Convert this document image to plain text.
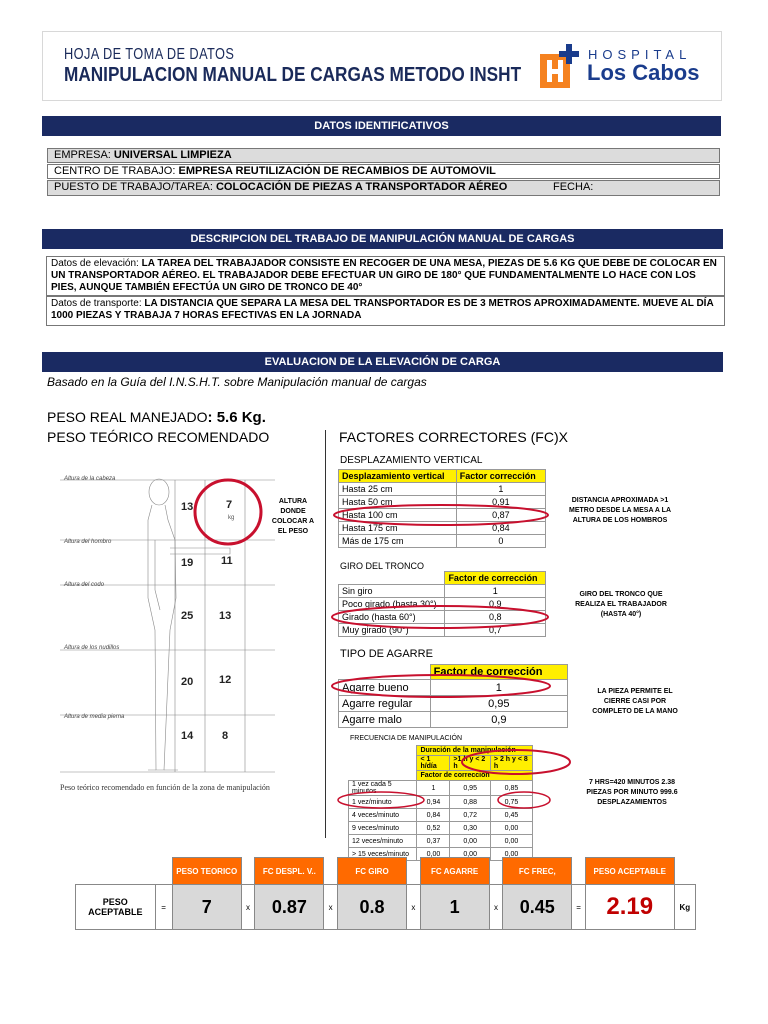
HOJA DE TOMA DE DATOS
MANIPULACION MANUAL DE CARGAS METODO INSHT
HOSPITAL
Los Cabos
DATOS IDENTIFICATIVOS
EMPRESA: UNIVERSAL LIMPIEZA
CENTRO DE TRABAJO: EMPRESA REUTILIZACIÓN DE RECAMBIOS DE AUTOMOVIL
PUESTO DE TRABAJO/TAREA: COLOCACIÓN DE PIEZAS A TRANSPORTADOR AÉREO	FECHA:
DESCRIPCION DEL TRABAJO DE MANIPULACIÓN MANUAL DE CARGAS
Datos de elevación: LA TAREA DEL TRABAJADOR CONSISTE EN RECOGER DE UNA MESA, PIEZAS DE 5.6 KG QUE DEBE DE COLOCAR EN UN TRANSPORTADOR AÉREO. EL TRABAJADOR DEBE EFECTUAR UN GIRO DE 180° QUE FUNDAMENTALMENTE LO HACE CON LOS PIES, AUNQUE TAMBIÉN EFECTÚA UN GIRO DE TRONCO DE 40°
Datos de transporte: LA DISTANCIA QUE SEPARA LA MESA DEL TRANSPORTADOR ES DE 3 METROS APROXIMADAMENTE. MUEVE AL DÍA 1000 PIEZAS Y TRABAJA 7 HORAS EFECTIVAS EN LA JORNADA
EVALUACION DE LA ELEVACIÓN DE CARGA
Basado en la Guía del I.N.S.H.T. sobre Manipulación manual de cargas
PESO REAL MANEJADO: 5.6 Kg.
PESO TEÓRICO RECOMENDADO	FACTORES CORRECTORES (FC)X
Altura de la cabeza
Altura del hombro
Altura del codo
Altura de los nudillos
Altura de media pierna
13	7
kg
19	11
25 13
20 12
14	8
Peso teórico recomendado en función de la zona de manipulación
ALTURA DONDE COLOCAR A EL PESO
DESPLAZAMIENTO VERTICAL
Desplazamiento vertical	Factor corrección
Hasta 25 cm	1
Hasta 50 cm	0,91
Hasta 100 cm	0,87
Hasta 175 cm	0,84
Más de 175 cm	0
DISTANCIA APROXIMADA >1 METRO DESDE LA MESA A LA ALTURA DE LOS HOMBROS
GIRO DEL TRONCO
	Factor de corrección
Sin giro	1
Poco girado (hasta 30°)	0,9
Girado (hasta 60°)	0,8
Muy girado (90°)	0,7
GIRO DEL TRONCO QUE REALIZA EL TRABAJADOR (HASTA 40°)
TIPO DE AGARRE
	Factor de corrección
Agarre bueno	1
Agarre regular	0,95
Agarre malo	0,9
LA PIEZA PERMITE EL CIERRE CASI POR COMPLETO DE LA MANO
FRECUENCIA DE MANIPULACIÓN
	Duración de la manipulación		
	< 1 h/día	>1 h y < 2 h	> 2 h y < 8 h
	Factor de corrección		
1 vez cada 5 minutos	1	0,95	0,85
1 vez/minuto	0,94	0,88	0,75
4 veces/minuto	0,84	0,72	0,45
9 veces/minuto	0,52	0,30	0,00
12 veces/minuto	0,37	0,00	0,00
> 15 veces/minuto	0,00	0,00	0,00
7 HRS=420 MINUTOS 2.38 PIEZAS POR MINUTO 999.6 DESPLAZAMIENTOS
		PESO TEORICO		FC DESPL. V..		FC GIRO		FC AGARRE		FC FREC,		PESO ACEPTABLE	
PESO ACEPTABLE	=	7	x	0.87	x	0.8	x	1	x	0.45	=	2.19	Kg
